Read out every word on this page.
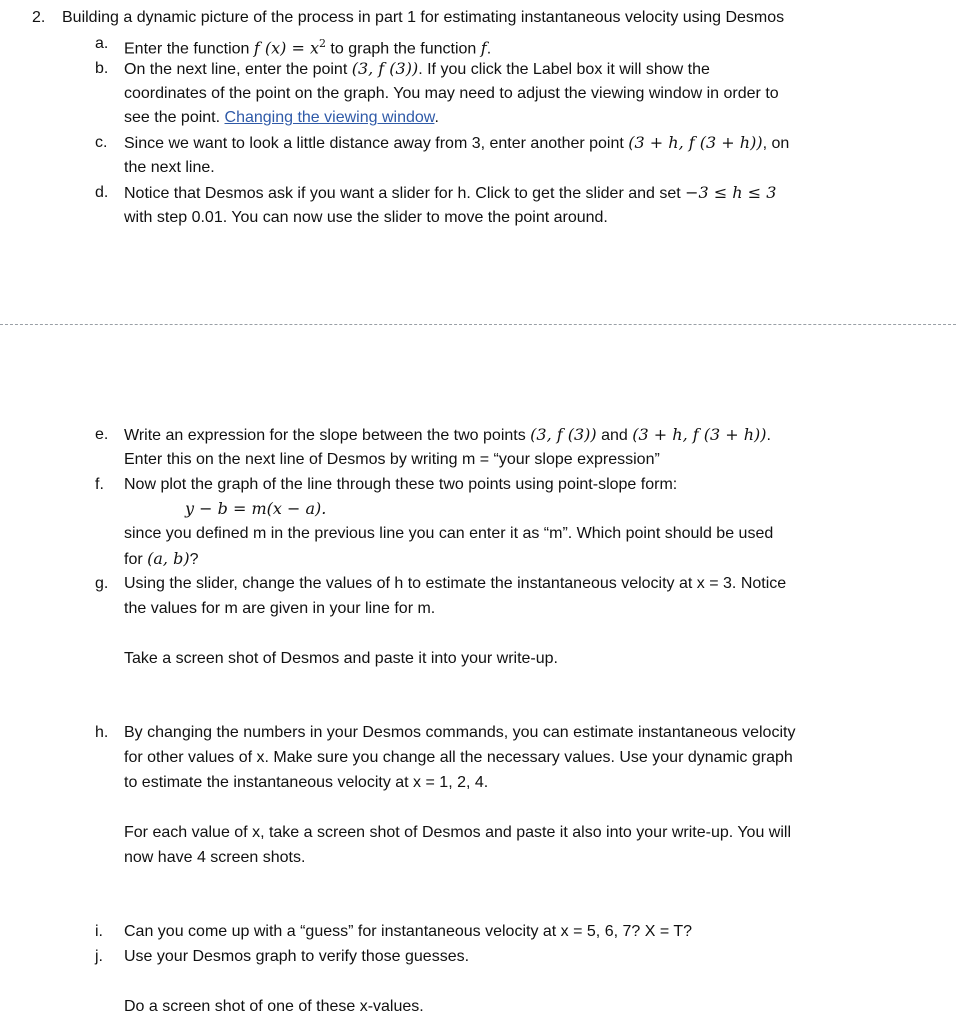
2. Building a dynamic picture of the process in part 1 for estimating instantaneous velocity using Desmos
a. Enter the function f $(x) = x^2$ to graph the function f.
b. On the next line, enter the point (3, f (3)). If you click the Label box it will show the
coordinates of the point on the graph. You may need to adjust the viewing window in order to
see the point. Changing the viewing window.
c. Since we want to look a little distance away from 3, enter another point (3 + h, f (3 + h)), on
the next line.
d. Notice that Desmos ask if you want a slider for h. Click to get the slider and set −3 ≤ h ≤ 3
with step 0.01. You can now use the slider to move the point around.
e. Write an expression for the slope between the two points (3, f (3)) and (3 + h, f (3 + h)).
Enter this on the next line of Desmos by writing m = “your slope expression”
f. Now plot the graph of the line through these two points using point-slope form:
y − b = m(x − a).
since you defined m in the previous line you can enter it as “m”. Which point should be used
for (a, b)?
g. Using the slider, change the values of h to estimate the instantaneous velocity at x = 3. Notice
the values for m are given in your line for m.
Take a screen shot of Desmos and paste it into your write-up.
h. By changing the numbers in your Desmos commands, you can estimate instantaneous velocity
for other values of x. Make sure you change all the necessary values. Use your dynamic graph
to estimate the instantaneous velocity at x = 1, 2, 4.
For each value of x, take a screen shot of Desmos and paste it also into your write-up. You will
now have 4 screen shots.
i. Can you come up with a “guess” for instantaneous velocity at x = 5, 6, 7? X = T?
j. Use your Desmos graph to verify those guesses.
Do a screen shot of one of these x-values.
